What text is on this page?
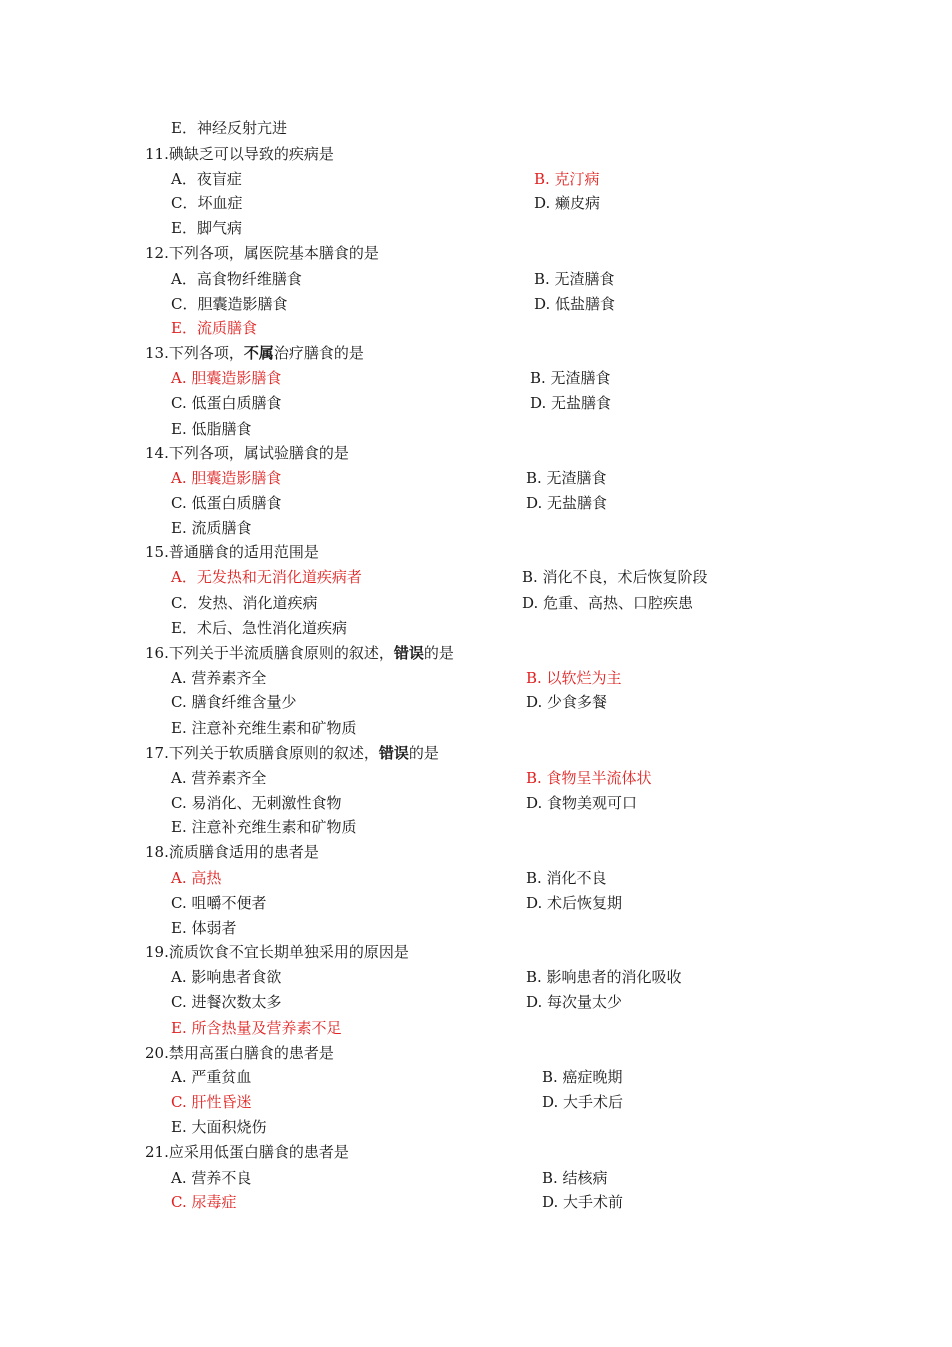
E．神经反射亢进
11.碘缺乏可以导致的疾病是
A．夜盲症	B. 克汀病
C．坏血症	D. 癞皮病
E．脚气病
12.下列各项，属医院基本膳食的是
A．高食物纤维膳食	B. 无渣膳食
C．胆囊造影膳食	D. 低盐膳食
E．流质膳食
13.下列各项，不属治疗膳食的是
A. 胆囊造影膳食	B. 无渣膳食
C. 低蛋白质膳食	D. 无盐膳食
E. 低脂膳食
14.下列各项，属试验膳食的是
A. 胆囊造影膳食	B. 无渣膳食
C. 低蛋白质膳食	D. 无盐膳食
E. 流质膳食
15.普通膳食的适用范围是
A．无发热和无消化道疾病者	B. 消化不良，术后恢复阶段
C．发热、消化道疾病	D. 危重、高热、口腔疾患
E．术后、急性消化道疾病
16.下列关于半流质膳食原则的叙述，错误的是
A. 营养素齐全	B. 以软烂为主
C. 膳食纤维含量少	D. 少食多餐
E. 注意补充维生素和矿物质
17.下列关于软质膳食原则的叙述，错误的是
A. 营养素齐全	B. 食物呈半流体状
C. 易消化、无刺激性食物	D. 食物美观可口
E. 注意补充维生素和矿物质
18.流质膳食适用的患者是
A. 高热	B. 消化不良
C. 咀嚼不便者	D. 术后恢复期
E. 体弱者
19.流质饮食不宜长期单独采用的原因是
A. 影响患者食欲	B. 影响患者的消化吸收
C. 进餐次数太多	D. 每次量太少
E. 所含热量及营养素不足
20.禁用高蛋白膳食的患者是
A. 严重贫血	B. 癌症晚期
C. 肝性昏迷	D. 大手术后
E. 大面积烧伤
21.应采用低蛋白膳食的患者是
A. 营养不良	B. 结核病
C. 尿毒症	D. 大手术前
